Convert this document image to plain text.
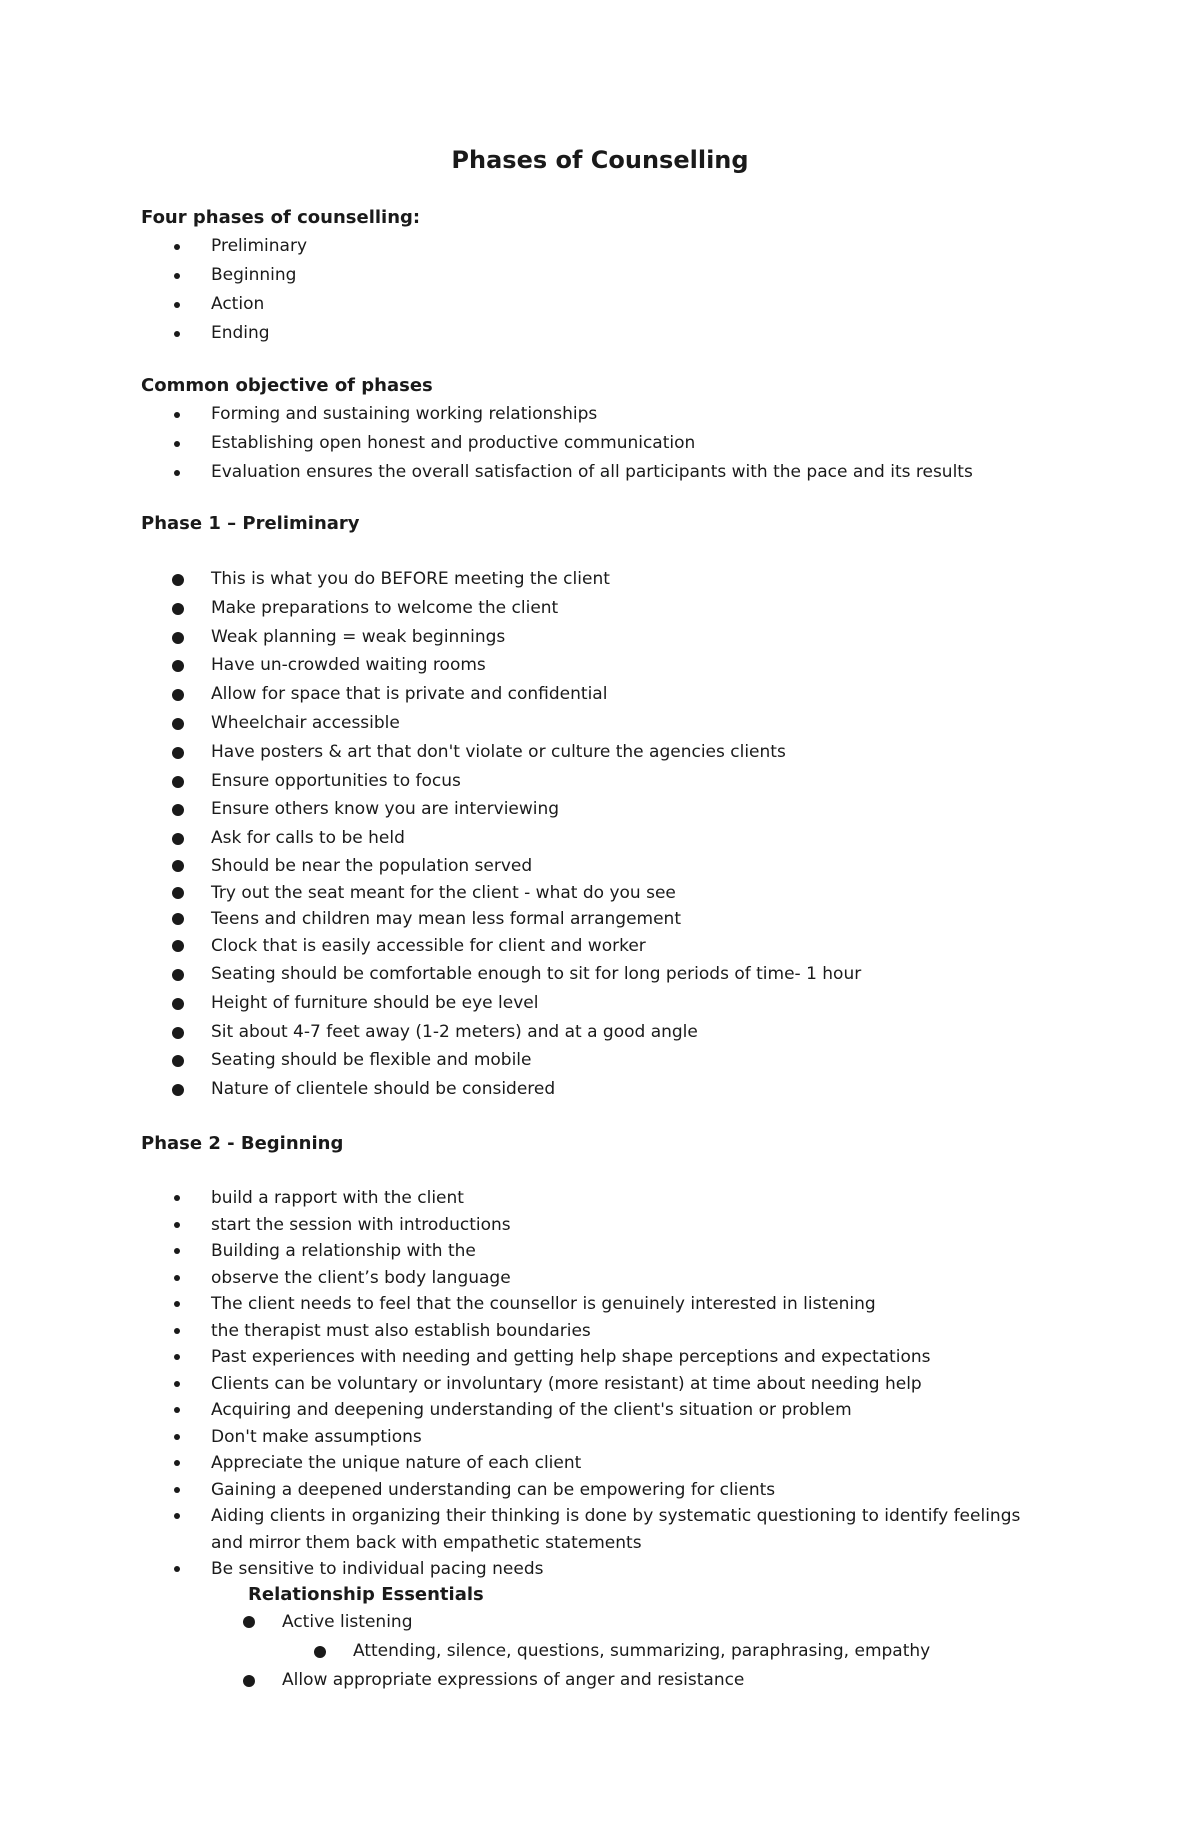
Phases of Counselling
Four phases of counselling:
Preliminary
Beginning
Action
Ending
Common objective of phases
Forming and sustaining working relationships
Establishing open honest and productive communication
Evaluation ensures the overall satisfaction of all participants with the pace and its results
Phase 1 – Preliminary
This is what you do BEFORE meeting the client
Make preparations to welcome the client
Weak planning = weak beginnings
Have un-crowded waiting rooms
Allow for space that is private and confidential
Wheelchair accessible
Have posters & art that don't violate or culture the agencies clients
Ensure opportunities to focus
Ensure others know you are interviewing
Ask for calls to be held
Should be near the population served
Try out the seat meant for the client - what do you see
Teens and children may mean less formal arrangement
Clock that is easily accessible for client and worker
Seating should be comfortable enough to sit for long periods of time- 1 hour
Height of furniture should be eye level
Sit about 4-7 feet away (1-2 meters) and at a good angle
Seating should be flexible and mobile
Nature of clientele should be considered
Phase 2 - Beginning
build a rapport with the client
start the session with introductions
Building a relationship with the
observe the client’s body language
The client needs to feel that the counsellor is genuinely interested in listening
the therapist must also establish boundaries
Past experiences with needing and getting help shape perceptions and expectations
Clients can be voluntary or involuntary (more resistant) at time about needing help
Acquiring and deepening understanding of the client's situation or problem
Don't make assumptions
Appreciate the unique nature of each client
Gaining a deepened understanding can be empowering for clients
Aiding clients in organizing their thinking is done by systematic questioning to identify feelings
and mirror them back with empathetic statements
Be sensitive to individual pacing needs
Relationship Essentials
Active listening
Attending, silence, questions, summarizing, paraphrasing, empathy
Allow appropriate expressions of anger and resistance
